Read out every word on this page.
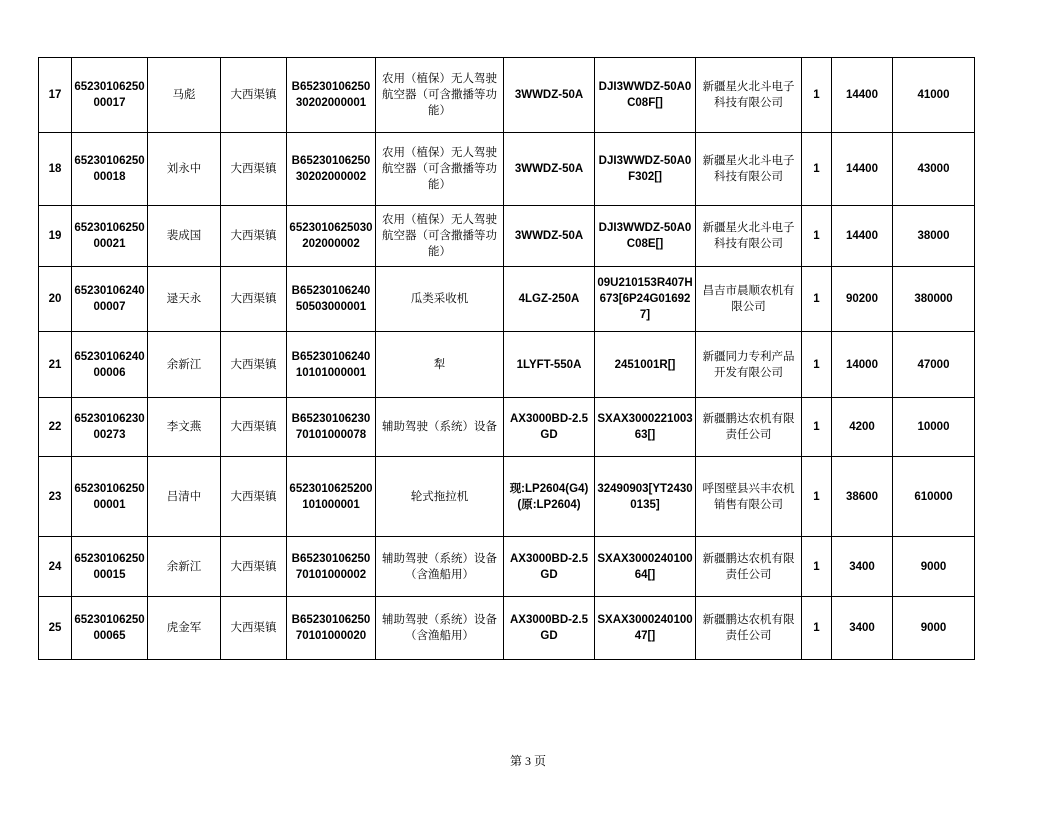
17	6523010625000017	马彪	大西渠镇	B6523010625030202000001	农用（植保）无人驾驶航空器（可含撒播等功能）	3WWDZ-50A	DJI3WWDZ-50A0C08F[]	新疆星火北斗电子科技有限公司	1	14400	41000
18	6523010625000018	刘永中	大西渠镇	B6523010625030202000002	农用（植保）无人驾驶航空器（可含撒播等功能）	3WWDZ-50A	DJI3WWDZ-50A0F302[]	新疆星火北斗电子科技有限公司	1	14400	43000
19	6523010625000021	裴成国	大西渠镇	6523010625030202000002	农用（植保）无人驾驶航空器（可含撒播等功能）	3WWDZ-50A	DJI3WWDZ-50A0C08E[]	新疆星火北斗电子科技有限公司	1	14400	38000
20	6523010624000007	逯天永	大西渠镇	B6523010624050503000001	瓜类采收机	4LGZ-250A	09U210153R407H673[6P24G016927]	昌吉市晨顺农机有限公司	1	90200	380000
21	6523010624000006	余新江	大西渠镇	B6523010624010101000001	犁	1LYFT-550A	2451001R[]	新疆同力专利产品开发有限公司	1	14000	47000
22	6523010623000273	李文燕	大西渠镇	B6523010623070101000078	辅助驾驶（系统）设备	AX3000BD-2.5GD	SXAX300022100363[]	新疆鹏达农机有限责任公司	1	4200	10000
23	6523010625000001	吕清中	大西渠镇	6523010625200101000001	轮式拖拉机	现:LP2604(G4)(原:LP2604)	32490903[YT24300135]	呼图壁县兴丰农机销售有限公司	1	38600	610000
24	6523010625000015	余新江	大西渠镇	B6523010625070101000002	辅助驾驶（系统）设备（含渔船用）	AX3000BD-2.5GD	SXAX300024010064[]	新疆鹏达农机有限责任公司	1	3400	9000
25	6523010625000065	虎金军	大西渠镇	B6523010625070101000020	辅助驾驶（系统）设备（含渔船用）	AX3000BD-2.5GD	SXAX300024010047[]	新疆鹏达农机有限责任公司	1	3400	9000
第 3 页
